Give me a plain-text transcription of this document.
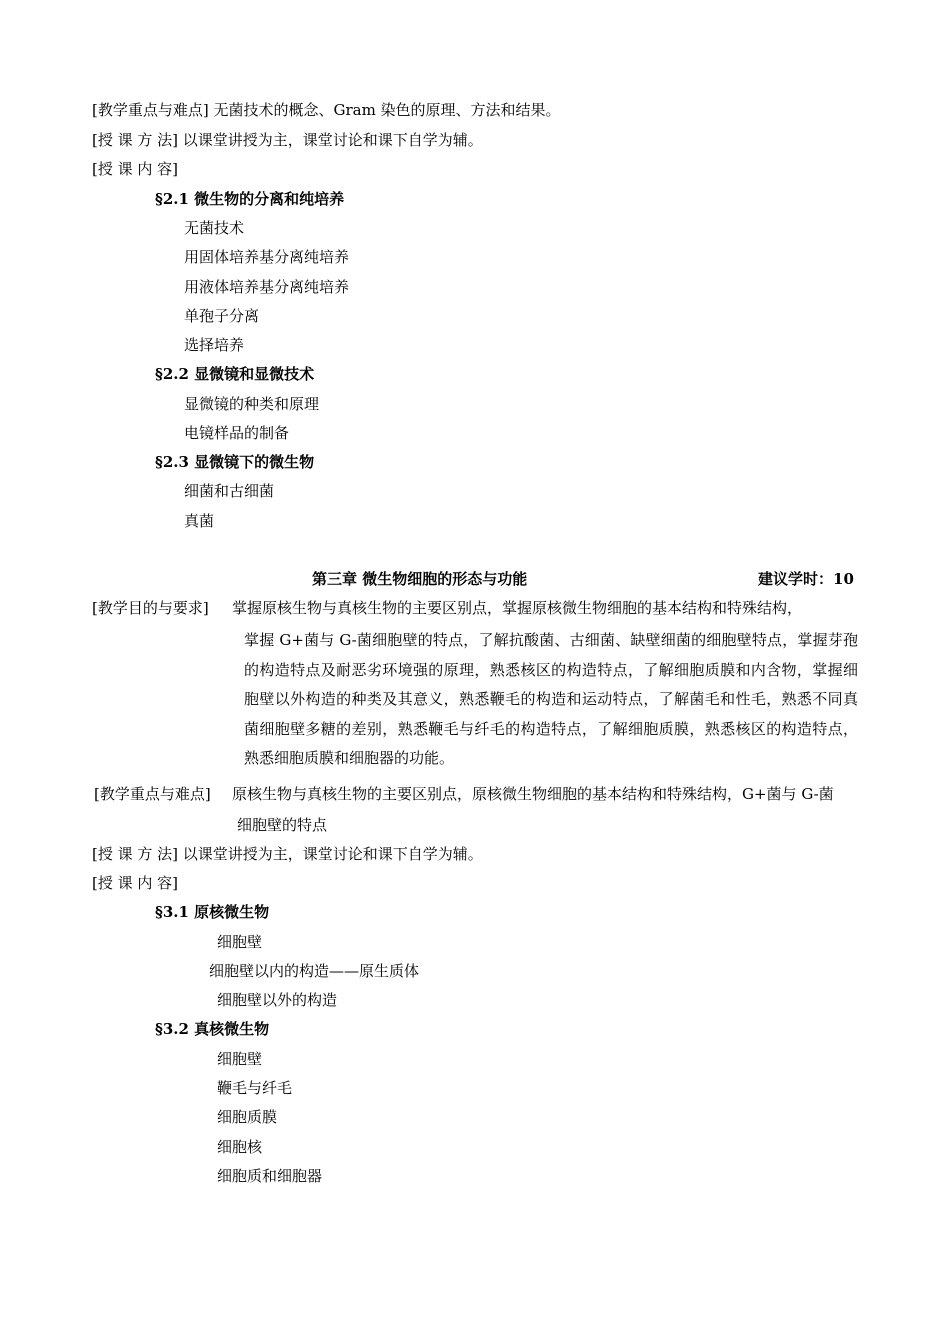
[教学重点与难点] 无菌技术的概念、Gram 染色的原理、方法和结果。
[授 课 方 法] 以课堂讲授为主，课堂讨论和课下自学为辅。
[授 课 内 容]
§2.1 微生物的分离和纯培养
无菌技术
用固体培养基分离纯培养
用液体培养基分离纯培养
单孢子分离
选择培养
§2.2 显微镜和显微技术
显微镜的种类和原理
电镜样品的制备
§2.3 显微镜下的微生物
细菌和古细菌
真菌
第三章 微生物细胞的形态与功能	建议学时：10
[教学目的与要求] 掌握原核生物与真核生物的主要区别点，掌握原核微生物细胞的基本结构和特殊结构，
掌握 G+菌与 G-菌细胞壁的特点，了解抗酸菌、古细菌、缺壁细菌的细胞壁特点，掌握芽孢的构造特点及耐恶劣环境强的原理，熟悉核区的构造特点，了解细胞质膜和内含物，掌握细胞壁以外构造的种类及其意义，熟悉鞭毛的构造和运动特点，了解菌毛和性毛，熟悉不同真菌细胞壁多糖的差别，熟悉鞭毛与纤毛的构造特点，了解细胞质膜，熟悉核区的构造特点，熟悉细胞质膜和细胞器的功能。
[教学重点与难点] 原核生物与真核生物的主要区别点，原核微生物细胞的基本结构和特殊结构，G+菌与 G-菌
细胞壁的特点
[授 课 方 法] 以课堂讲授为主，课堂讨论和课下自学为辅。
[授 课 内 容]
§3.1 原核微生物
细胞壁
细胞壁以内的构造——原生质体
细胞壁以外的构造
§3.2 真核微生物
细胞壁
鞭毛与纤毛
细胞质膜
细胞核
细胞质和细胞器
